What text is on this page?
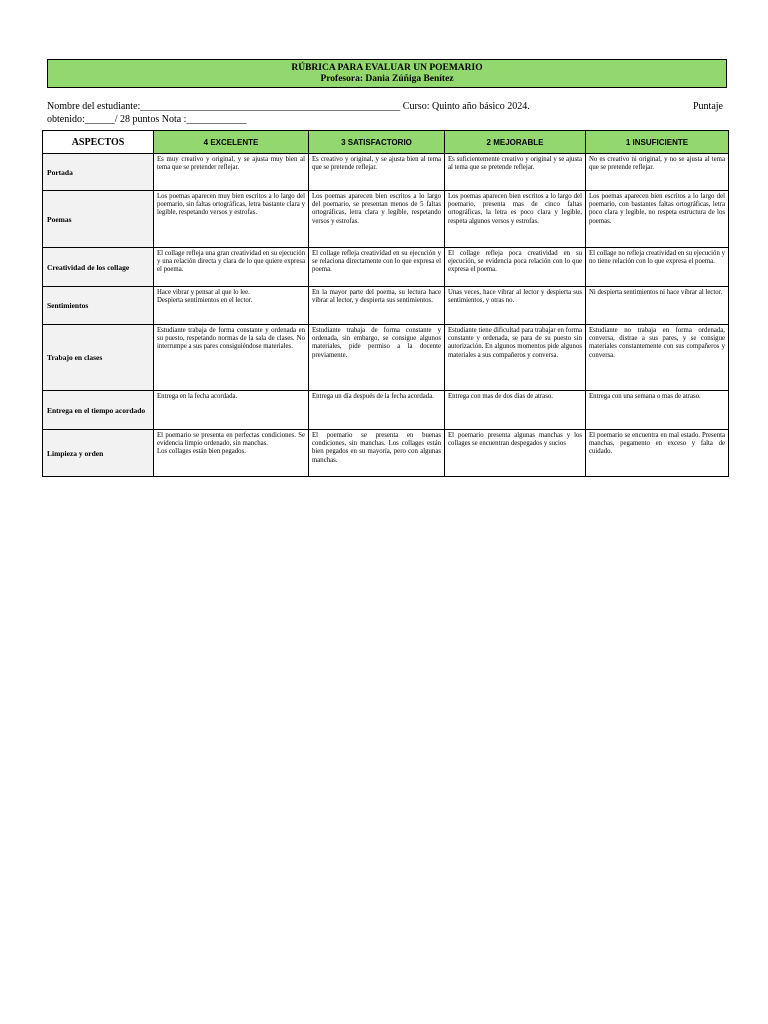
RÚBRICA PARA EVALUAR UN POEMARIO
Profesora: Dania Zúñiga Benítez
Nombre del estudiante:____________________________________________________ Curso: Quinto año básico 2024.	Puntaje
obtenido:______/ 28 puntos Nota :____________
ASPECTOS	4 EXCELENTE	3 SATISFACTORIO	2 MEJORABLE	1 INSUFICIENTE
Portada	Es muy creativo y original, y se ajusta muy bien al tema que se pretender reflejar.	Es creativo y original, y se ajusta bien al tema que se pretende reflejar.	Es suficientemente creativo y original y se ajusta al tema que se pretende reflejar.	No es creativo ni original, y no se ajusta al tema que se pretende reflejar.

Poemas	Los poemas aparecen muy bien escritos a lo largo del poemario, sin faltas ortográficas, letra bastante clara y legible, respetando versos y estrofas.	Los poemas aparecen bien escritos a lo largo del poemario, se presentan menos de 5 faltas ortográficas, letra clara y legible, respetando versos y estrofas.	Los poemas aparecen bien escritos a lo largo del poemario, presenta mas de cinco faltas ortográficas, la letra es poco clara y legible, respeta algunos versos y estrofas.	Los poemas aparecen bien escritos a lo largo del poemario, con bastantes faltas ortográficas, letra poco clara y legible, no respeta estructura de los poemas.

Creatividad de los collage	El collage refleja una gran creatividad en su ejecución y una relación directa y clara de lo que quiere expresa el poema.	El collage refleja creatividad en su ejecución y se relaciona directamente con lo que expresa el poema.	El collage refleja poca creatividad en su ejecución, se evidencia poca relación con lo que expresa el poema.	El collage no refleja creatividad en su ejecución y no tiene relación con lo que expresa el poema.

Sentimientos	Hace vibrar y pensar al que lo lee.
Despierta sentimientos en el lector.	En la mayor parte del poema, su lectura hace vibrar al lector, y despierta sus sentimientos.	Unas veces, hace vibrar al lector y despierta sus sentimientos, y otras no.	Ni despierta sentimientos ni hace vibrar al lector.

Trabajo en clases	Estudiante trabaja de forma constante y ordenada en su puesto, respetando normas de la sala de clases. No interrumpe a sus pares consiguiéndose materiales.	Estudiante trabaja de forma constante y ordenada, sin embargo, se consigue algunos materiales, pide permiso a la docente previamente.	Estudiante tiene dificultad para trabajar en forma constante y ordenada, se para de su puesto sin autorización. En algunos momentos pide algunos materiales a sus compañeros y conversa.	Estudiante no trabaja en forma ordenada, conversa, distrae a sus pares, y se consigue materiales constantemente con sus compañeros y conversa.

Entrega en el tiempo acordado	Entrega en la fecha acordada.	Entrega un día después de la fecha acordada.	Entrega con mas de dos días de atraso.	Entrega con una semana o mas de atraso.

Limpieza y orden	El poemario se presenta en perfectas condiciones. Se evidencia limpio ordenado, sin manchas.
Los collages están bien pegados.	El poemario se presenta en buenas condiciones, sin manchas. Los collages están bien pegados en su mayoría, pero con algunas manchas.	El poemario presenta algunas manchas y los collages se encuentran despegados y sucios	El poemario se encuentra en mal estado. Presenta manchas, pegamento en exceso y falta de cuidado.
